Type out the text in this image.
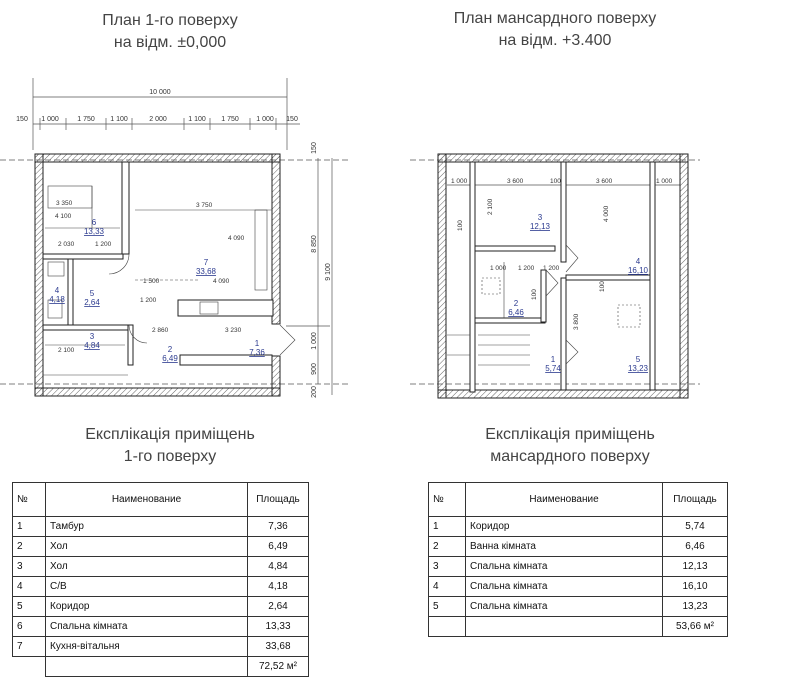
План 1-го поверху
на відм. ±0,000
План мансардного поверху
на відм. +3.400
10 000
150 1 000	1 750 1 100	2 000	1 100 1 750 1 000 150
150
8 850
9 100
1 000
900
200
3 350
2 030	1 200
1 500	4 090
3 230
2 860
2 100
1 200
4 100
3 750
4 090
6
13,33
7
33,68
4
4,18
5
2,64
3
4,84	2
6,49
1
7,36
1 000	3 600	100	3 600	1 000
1 000
4 000
2 100
1 200 1 200
3 800
100
100
100
3
12,13
4
16,10
2
6,46
1
5,74
5
13,23
Експлікація приміщень
1-го поверху
Експлікація приміщень
мансардного поверху
№	Наименование	Площадь
1	Тамбур	7,36
2	Хол	6,49
3	Хол	4,84
4	С/В	4,18
5	Коридор	2,64
6	Спальна кімната	13,33
7	Кухня-вітальня	33,68
		72,52 м²
№	Наименование	Площадь
1	Коридор	5,74
2	Ванна кімната	6,46
3	Спальна кімната	12,13
4	Спальна кімната	16,10
5	Спальна кімната	13,23
		53,66 м²
